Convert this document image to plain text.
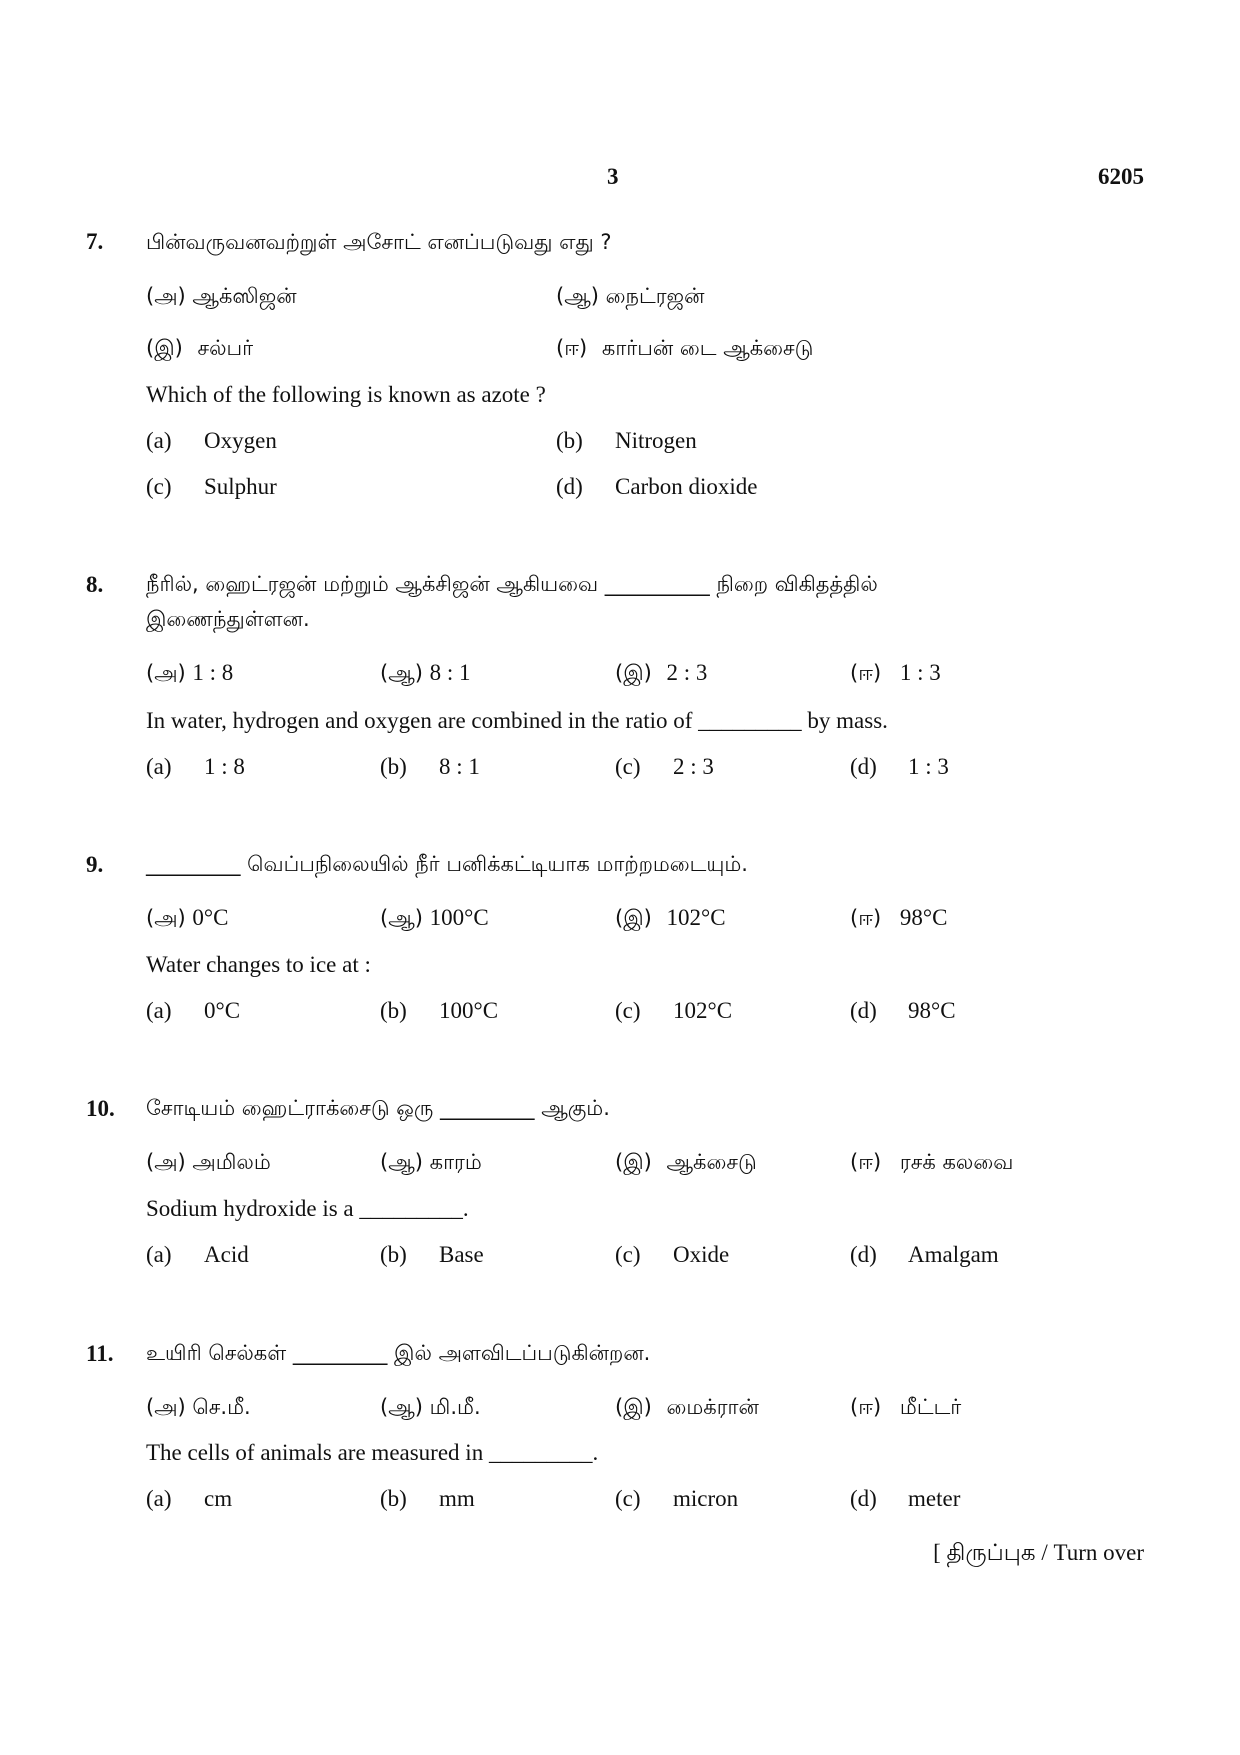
3	6205
7. பின்வருவனவற்றுள் அசோட் எனப்படுவது எது ?
(அ) ஆக்ஸிஜன்	(ஆ) நைட்ரஜன்
(இ) சல்பர்	(ஈ) கார்பன் டை ஆக்சைடு
Which of the following is known as azote ?
(a) Oxygen	(b) Nitrogen
(c) Sulphur	(d) Carbon dioxide
8. நீரில், ஹைட்ரஜன் மற்றும் ஆக்சிஜன் ஆகியவை __________ நிறை விகிதத்தில்
இணைந்துள்ளன.
(அ) 1 : 8	(ஆ) 8 : 1	(இ) 2 : 3	(ஈ) 1 : 3
In water, hydrogen and oxygen are combined in the ratio of _________ by mass.
(a) 1 : 8	(b) 8 : 1	(c) 2 : 3	(d) 1 : 3
9. _________ வெப்பநிலையில் நீர் பனிக்கட்டியாக மாற்றமடையும்.
(அ) 0°C	(ஆ) 100°C	(இ) 102°C	(ஈ) 98°C
Water changes to ice at :
(a) 0°C	(b) 100°C	(c) 102°C	(d) 98°C
10. சோடியம் ஹைட்ராக்சைடு ஒரு _________ ஆகும்.
(அ) அமிலம்	(ஆ) காரம்	(இ) ஆக்சைடு	(ஈ) ரசக் கலவை
Sodium hydroxide is a _________.
(a) Acid	(b) Base	(c) Oxide	(d) Amalgam
11. உயிரி செல்கள் _________ இல் அளவிடப்படுகின்றன.
(அ) செ.மீ.	(ஆ) மி.மீ.	(இ) மைக்ரான்	(ஈ) மீட்டர்
The cells of animals are measured in _________.
(a) cm	(b) mm	(c) micron	(d) meter
[ திருப்புக / Turn over
